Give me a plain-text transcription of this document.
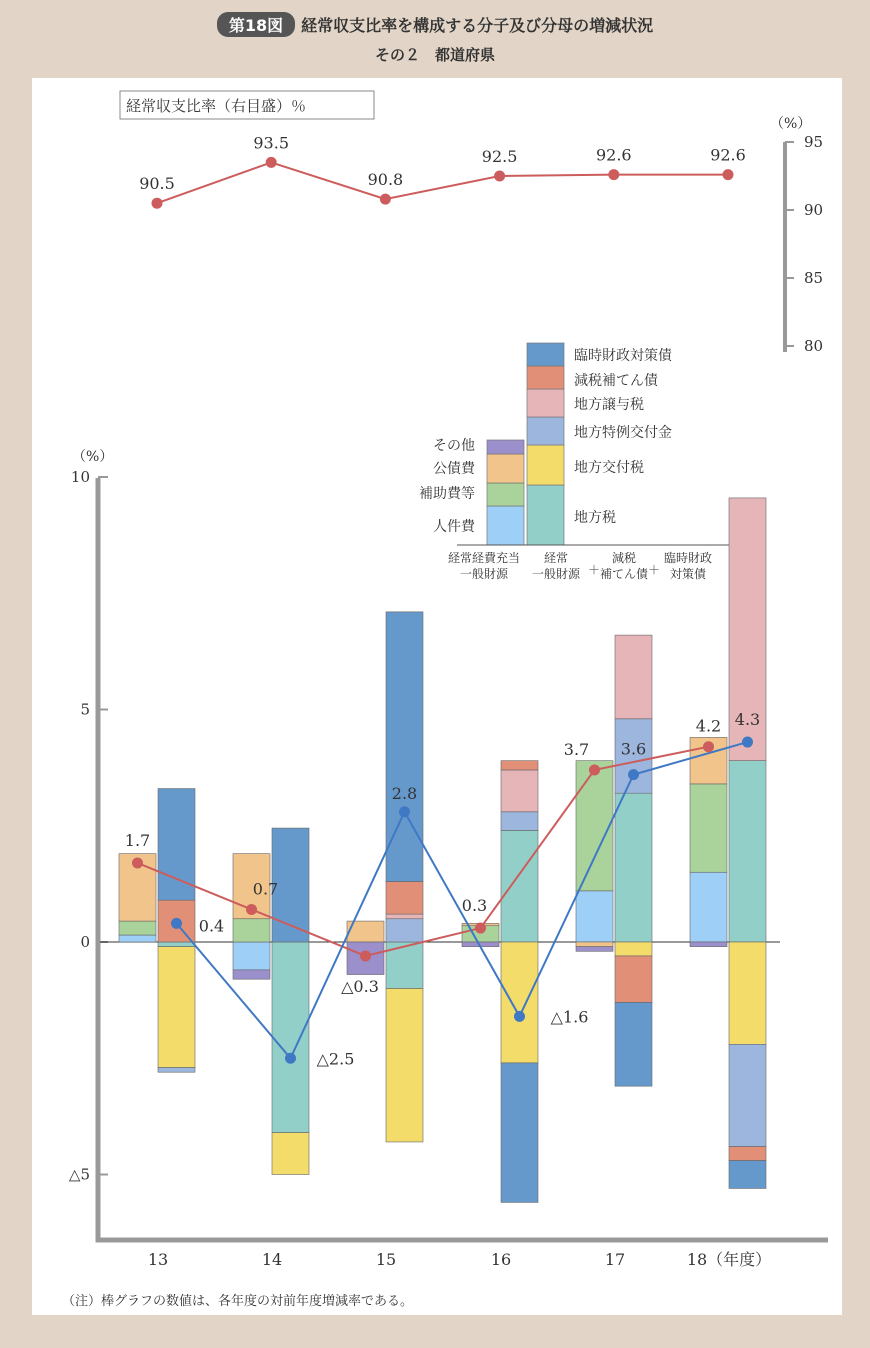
第18図 経常収支比率を構成する分子及び分母の増減状況
その２　都道府県
経常収支比率（右目盛）％
（%）
95
90
85
80
90.5
93.5
90.8
92.5	92.6	92.6
人件費
補助費等
公債費
その他
地方税
地方交付税
地方特例交付金
地方譲与税
減税補てん債
臨時財政対策債
経常経費充当
一般財源
経常
一般財源 ＋
減税
補てん債 ＋
臨時財政
対策債
（%）
10
5
0
△5
13	14	15	16	17	18（年度）
1.7
0.7
0.3
3.7
4.2
0.4
△2.5
2.8
△1.6
3.6
4.3
△0.3
（注）棒グラフの数値は、各年度の対前年度増減率である。
